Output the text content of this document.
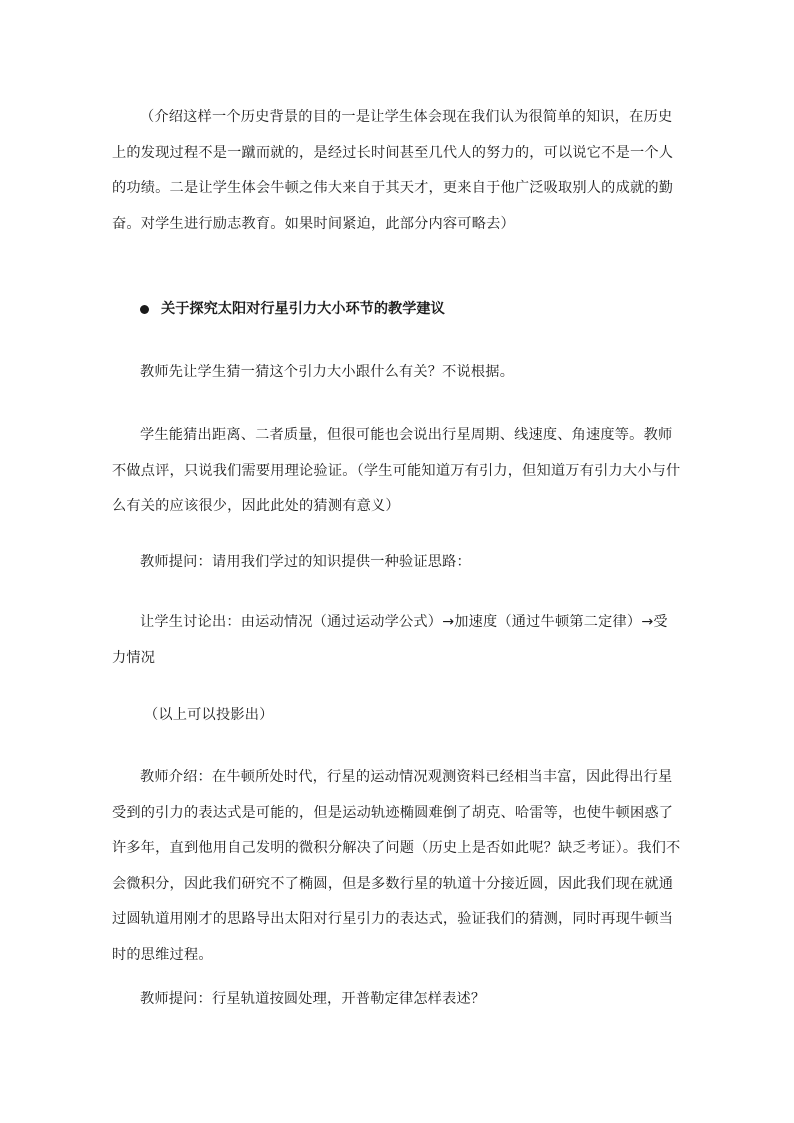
（介绍这样一个历史背景的目的一是让学生体会现在我们认为很简单的知识，在历史上的发现过程不是一蹴而就的，是经过长时间甚至几代人的努力的，可以说它不是一个人的功绩。二是让学生体会牛顿之伟大来自于其天才，更来自于他广泛吸取别人的成就的勤奋。对学生进行励志教育。如果时间紧迫，此部分内容可略去）

关于探究太阳对行星引力大小环节的教学建议

教师先让学生猜一猜这个引力大小跟什么有关？不说根据。

学生能猜出距离、二者质量，但很可能也会说出行星周期、线速度、角速度等。教师不做点评，只说我们需要用理论验证。（学生可能知道万有引力，但知道万有引力大小与什么有关的应该很少，因此此处的猜测有意义）

教师提问：请用我们学过的知识提供一种验证思路：

让学生讨论出：由运动情况（通过运动学公式）→加速度（通过牛顿第二定律）→受力情况

（以上可以投影出）

教师介绍：在牛顿所处时代，行星的运动情况观测资料已经相当丰富，因此得出行星受到的引力的表达式是可能的，但是运动轨迹椭圆难倒了胡克、哈雷等，也使牛顿困惑了许多年，直到他用自己发明的微积分解决了问题（历史上是否如此呢？缺乏考证）。我们不会微积分，因此我们研究不了椭圆，但是多数行星的轨道十分接近圆，因此我们现在就通过圆轨道用刚才的思路导出太阳对行星引力的表达式，验证我们的猜测，同时再现牛顿当时的思维过程。

教师提问：行星轨道按圆处理，开普勒定律怎样表述？
